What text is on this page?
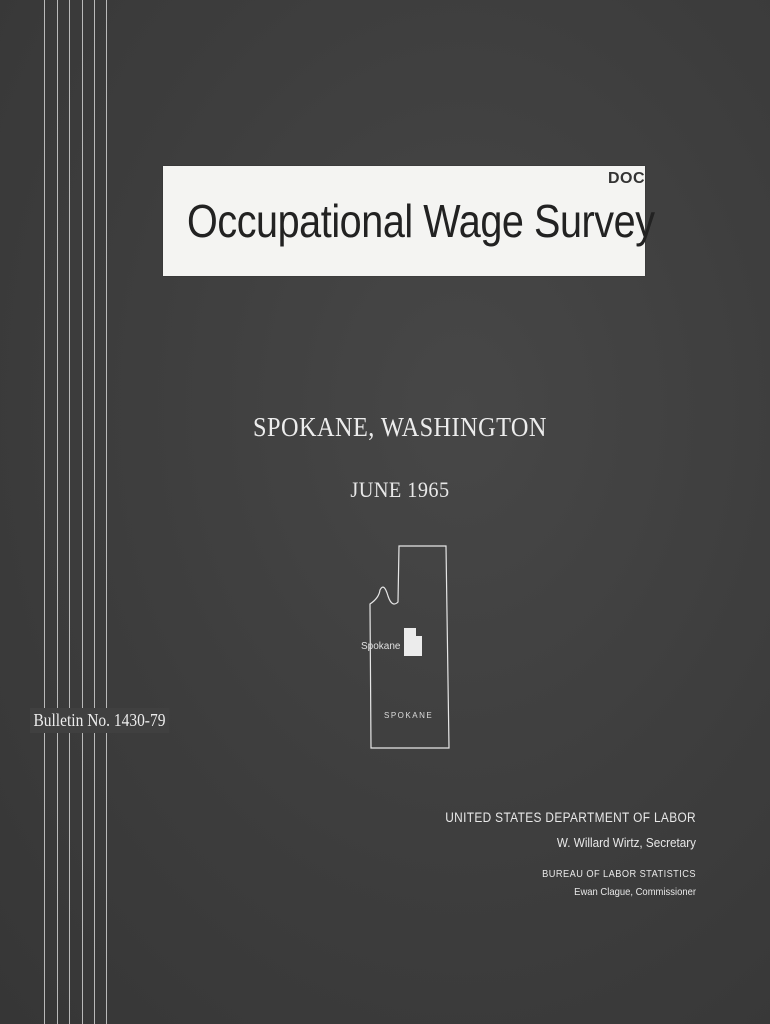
Occupational Wage Survey
DOC
SPOKANE, WASHINGTON
JUNE 1965
Spokane
SPOKANE
Bulletin No. 1430-79
UNITED STATES DEPARTMENT OF LABOR
W. Willard Wirtz, Secretary
BUREAU OF LABOR STATISTICS
Ewan Clague, Commissioner
